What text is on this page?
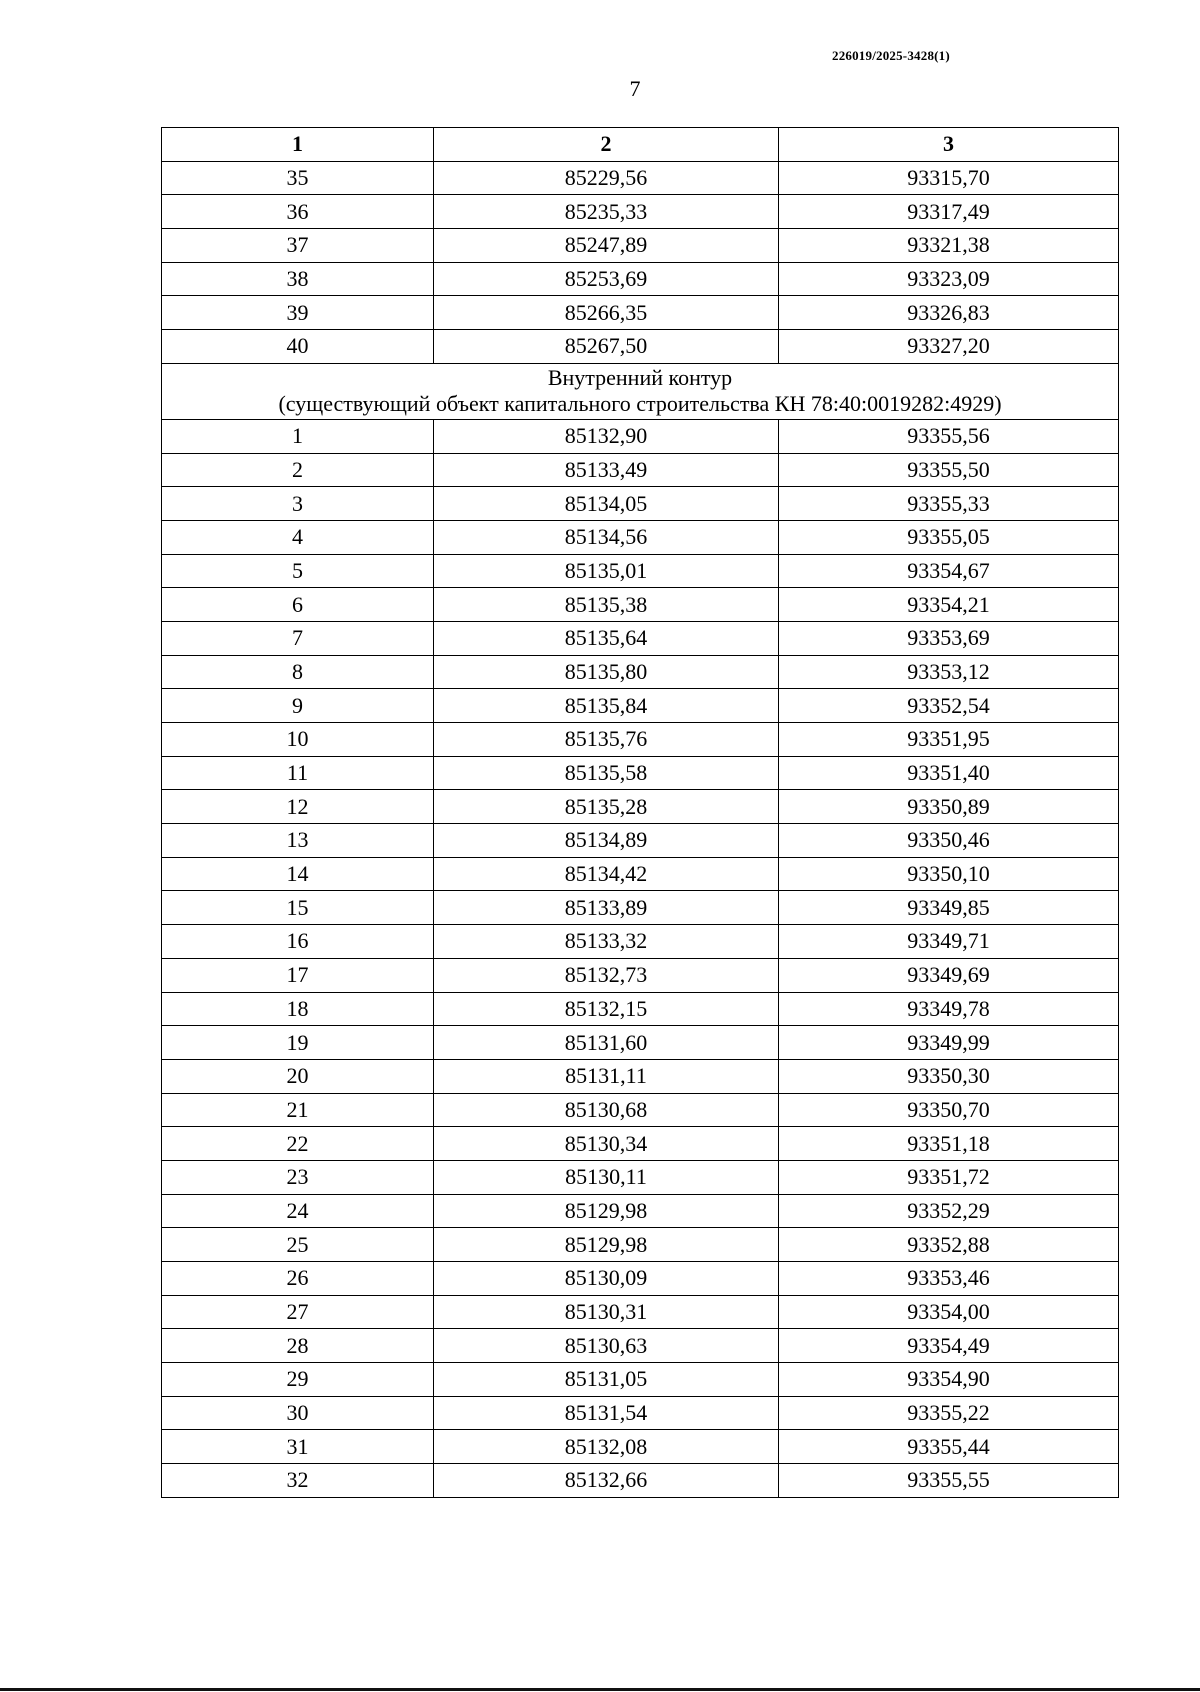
226019/2025-3428(1)
7
1	2	3
35	85229,56	93315,70
36	85235,33	93317,49
37	85247,89	93321,38
38	85253,69	93323,09
39	85266,35	93326,83
40	85267,50	93327,20

Внутренний контур
(существующий объект капитального строительства КН 78:40:0019282:4929)		

1	85132,90	93355,56
2	85133,49	93355,50
3	85134,05	93355,33
4	85134,56	93355,05
5	85135,01	93354,67
6	85135,38	93354,21
7	85135,64	93353,69
8	85135,80	93353,12
9	85135,84	93352,54
10	85135,76	93351,95
11	85135,58	93351,40
12	85135,28	93350,89
13	85134,89	93350,46
14	85134,42	93350,10
15	85133,89	93349,85
16	85133,32	93349,71
17	85132,73	93349,69
18	85132,15	93349,78
19	85131,60	93349,99
20	85131,11	93350,30
21	85130,68	93350,70
22	85130,34	93351,18
23	85130,11	93351,72
24	85129,98	93352,29
25	85129,98	93352,88
26	85130,09	93353,46
27	85130,31	93354,00
28	85130,63	93354,49
29	85131,05	93354,90
30	85131,54	93355,22
31	85132,08	93355,44
32	85132,66	93355,55
